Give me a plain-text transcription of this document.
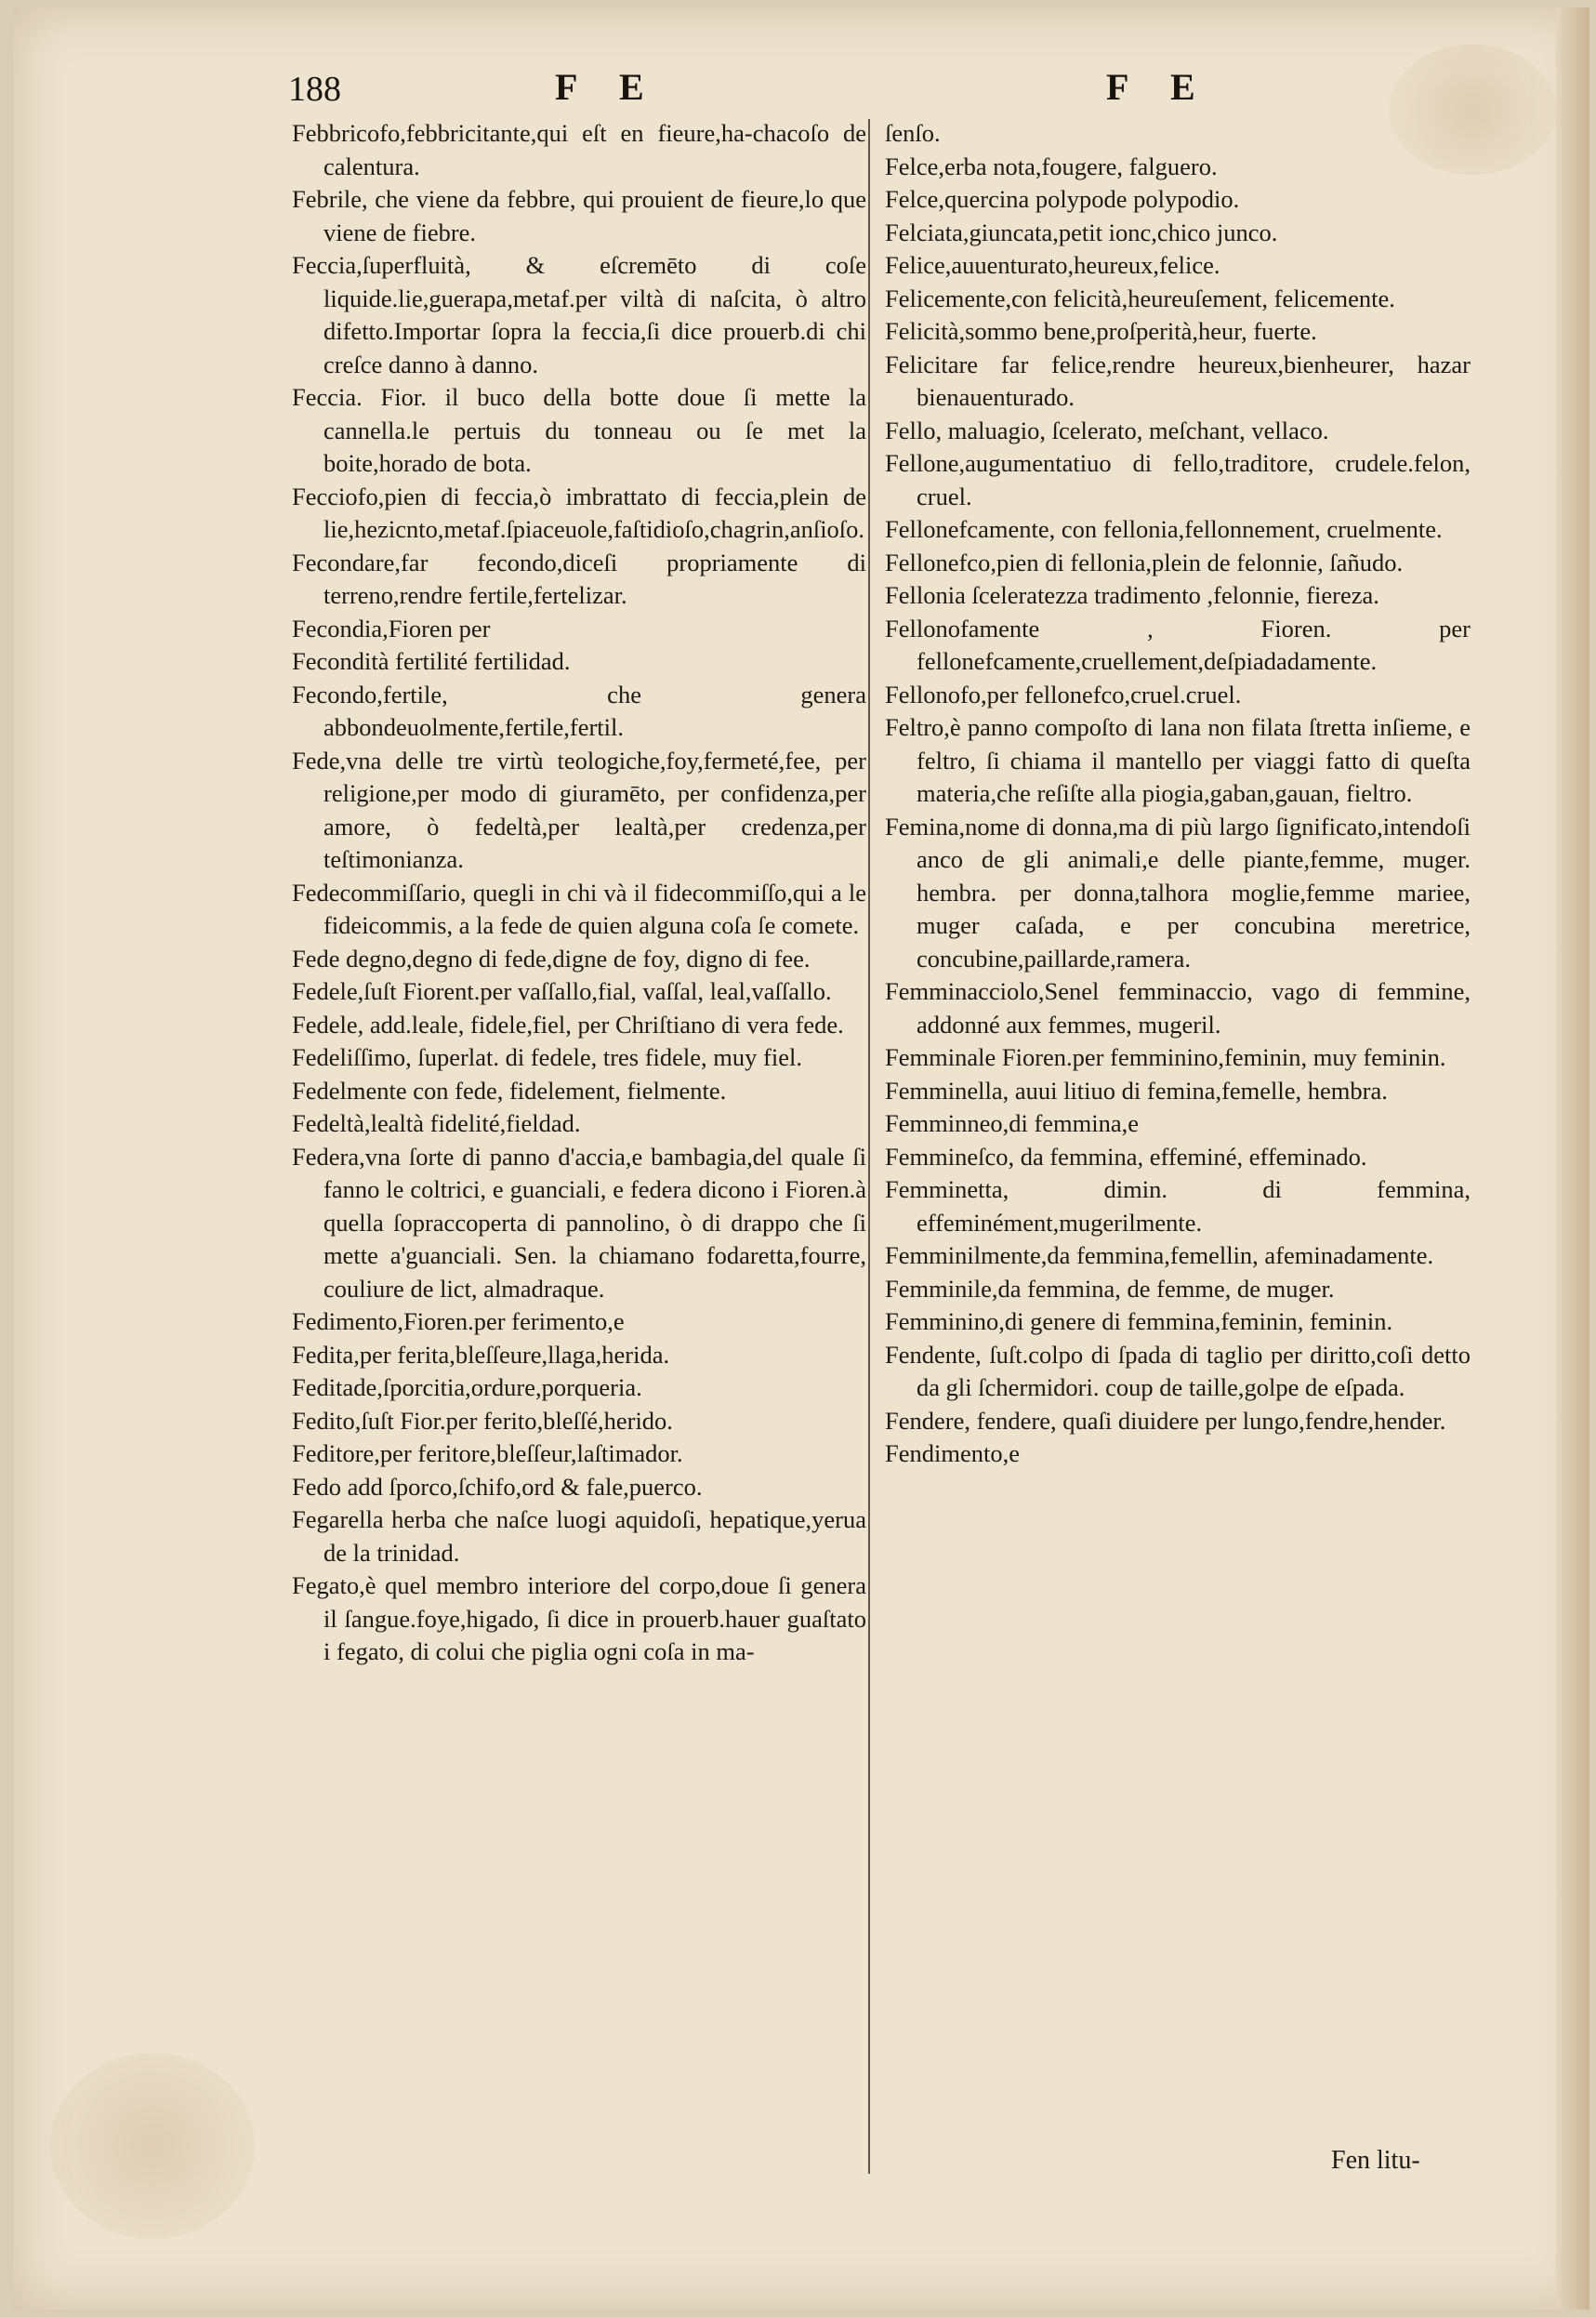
188	F E	F E

Febbricofo,febbricitante,qui eſt en fieure,ha-chacoſo de calentura.

Febrile, che viene da febbre, qui prouient de fieure,lo que viene de fiebre.

Feccia,ſuperfluità, & eſcremēto di coſe liquide.lie,guerapa,metaf.per viltà di naſcita, ò altro difetto.Importar ſopra la feccia,ſi dice prouerb.di chi creſce danno à danno.

Feccia. Fior. il buco della botte doue ſi mette la cannella.le pertuis du tonneau ou ſe met la boite,horado de bota.

Fecciofo,pien di feccia,ò imbrattato di feccia,plein de lie,hezicnto,metaf.ſpiaceuole,faſtidioſo,chagrin,anſioſo.

Fecondare,far fecondo,diceſi propriamente di terreno,rendre fertile,fertelizar.

Fecondia,Fioren per

Fecondità fertilité fertilidad.

Fecondo,fertile, che genera abbondeuolmente,fertile,fertil.

Fede,vna delle tre virtù teologiche,foy,fermeté,fee, per religione,per modo di giuramēto, per confidenza,per amore, ò fedeltà,per lealtà,per credenza,per teſtimonianza.

Fedecommiſſario, quegli in chi và il fidecommiſſo,qui a le fideicommis, a la fede de quien alguna coſa ſe comete.

Fede degno,degno di fede,digne de foy, digno di fee.

Fedele,ſuſt Fiorent.per vaſſallo,fial, vaſſal, leal,vaſſallo.

Fedele, add.leale, fidele,fiel, per Chriſtiano di vera fede.

Fedeliſſimo, ſuperlat. di fedele, tres fidele, muy fiel.

Fedelmente con fede, fidelement, fielmente.

Fedeltà,lealtà fidelité,fieldad.

Federa,vna ſorte di panno d'accia,e bambagia,del quale ſi fanno le coltrici, e guanciali, e federa dicono i Fioren.à quella ſopraccoperta di pannolino, ò di drappo che ſi mette a'guanciali. Sen. la chiamano fodaretta,fourre, couliure de lict, almadraque.

Fedimento,Fioren.per ferimento,e

Fedita,per ferita,bleſſeure,llaga,herida.

Feditade,ſporcitia,ordure,porqueria.

Fedito,ſuſt Fior.per ferito,bleſſé,herido.

Feditore,per feritore,bleſſeur,laſtimador.

Fedo add ſporco,ſchifo,ord & fale,puerco.

Fegarella herba che naſce luogi aquidoſi, hepatique,yerua de la trinidad.

Fegato,è quel membro interiore del corpo,doue ſi genera il ſangue.foye,higado, ſi dice in prouerb.hauer guaſtato i fegato, di colui che piglia ogni coſa in ma-

ſenſo.

Felce,erba nota,fougere, falguero.

Felce,quercina polypode polypodio.

Felciata,giuncata,petit ionc,chico junco.

Felice,auuenturato,heureux,felice.

Felicemente,con felicità,heureuſement, felicemente.

Felicità,sommo bene,proſperità,heur, fuerte.

Felicitare far felice,rendre heureux,bienheurer, hazar bienauenturado.

Fello, maluagio, ſcelerato, meſchant, vellaco.

Fellone,augumentatiuo di fello,traditore, crudele.felon, cruel.

Fellonefcamente, con fellonia,fellonnement, cruelmente.

Fellonefco,pien di fellonia,plein de felonnie, ſañudo.

Fellonia ſceleratezza tradimento ,felonnie, fiereza.

Fellonofamente , Fioren. per fellonefcamente,cruellement,deſpiadadamente.

Fellonofo,per fellonefco,cruel.cruel.

Feltro,è panno compoſto di lana non filata ſtretta inſieme, e feltro, ſi chiama il mantello per viaggi fatto di queſta materia,che reſiſte alla piogia,gaban,gauan, fieltro.

Femina,nome di donna,ma di più largo ſignificato,intendoſi anco de gli animali,e delle piante,femme, muger. hembra. per donna,talhora moglie,femme mariee, muger caſada, e per concubina meretrice, concubine,paillarde,ramera.

Femminacciolo,Senel femminaccio, vago di femmine, addonné aux femmes, mugeril.

Femminale Fioren.per femminino,feminin, muy feminin.

Femminella, auui litiuo di femina,femelle, hembra.

Femminneo,di femmina,e

Femmineſco, da femmina, effeminé, effeminado.

Femminetta, dimin. di femmina, effeminément,mugerilmente.

Femminilmente,da femmina,femellin, afeminadamente.

Femminile,da femmina, de femme, de muger.

Femminino,di genere di femmina,feminin, feminin.

Fendente, ſuſt.colpo di ſpada di taglio per diritto,coſi detto da gli ſchermidori. coup de taille,golpe de eſpada.

Fendere, fendere, quaſi diuidere per lungo,fendre,hender.

Fendimento,e

Fen litu-
